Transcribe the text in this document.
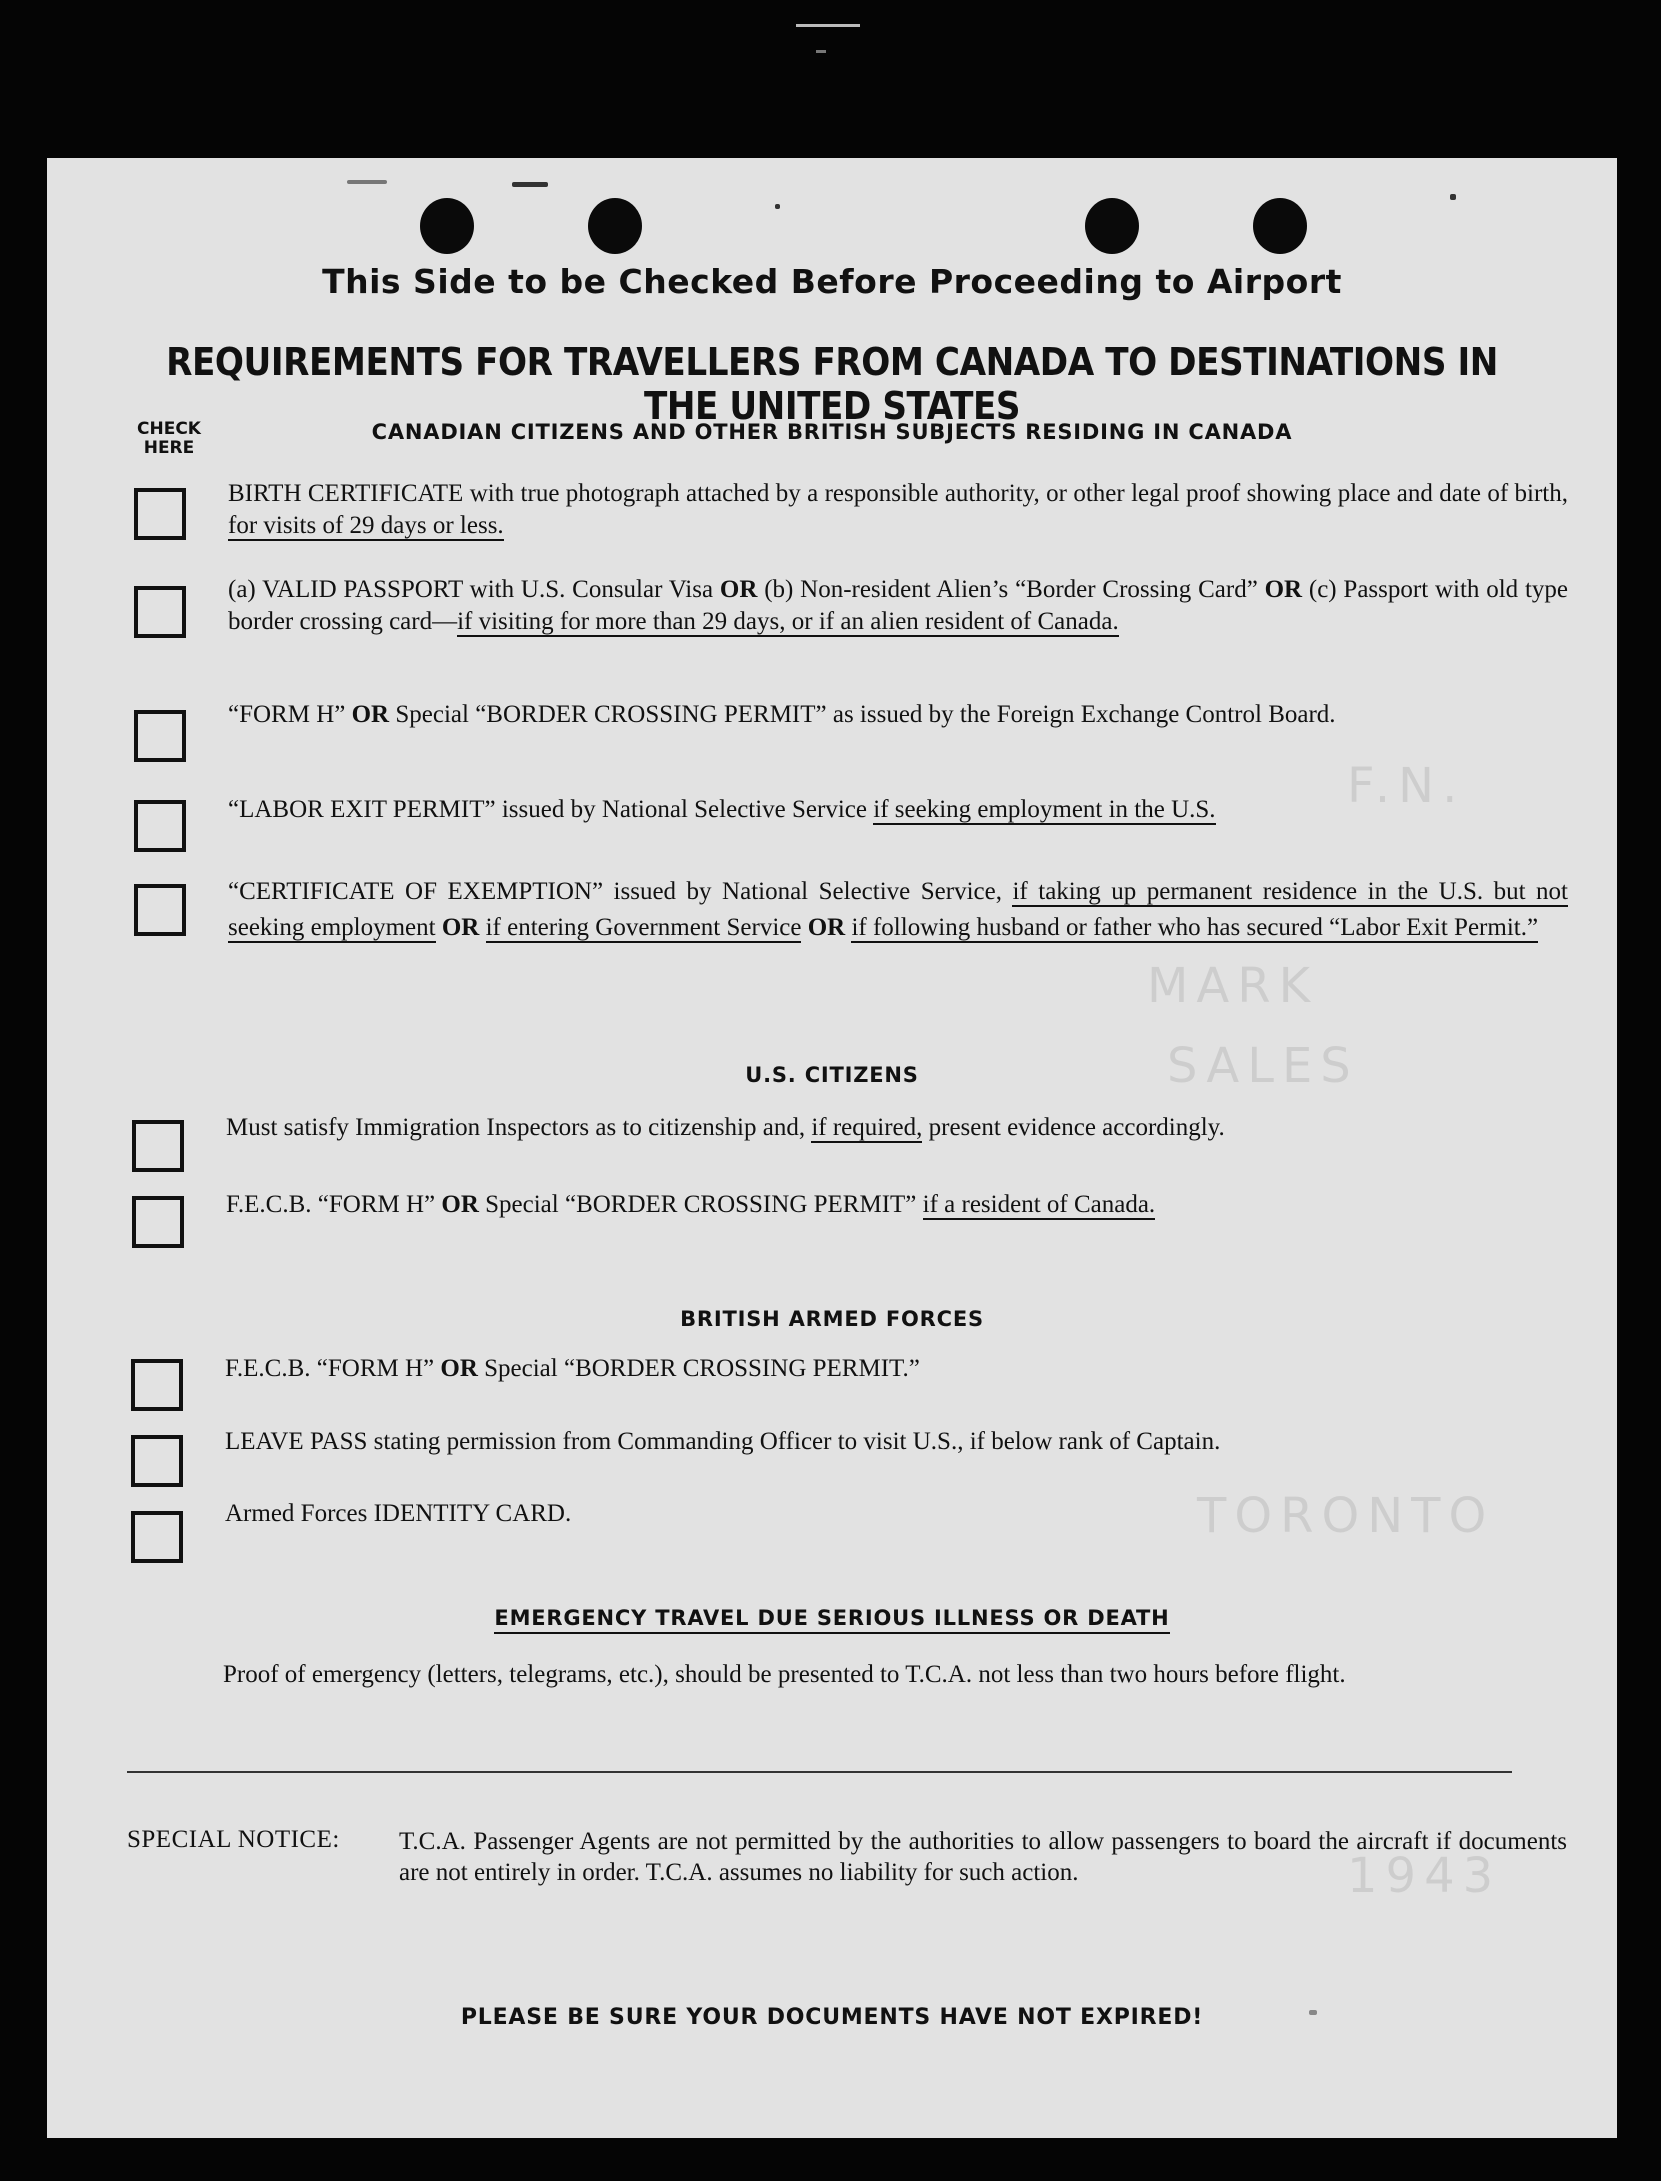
F.N.
MARK
SALES
TORONTO
1943
This Side to be Checked Before Proceeding to Airport
REQUIREMENTS FOR TRAVELLERS FROM CANADA TO DESTINATIONS IN THE UNITED STATES
CHECK HERE
CANADIAN CITIZENS AND OTHER BRITISH SUBJECTS RESIDING IN CANADA
BIRTH CERTIFICATE with true photograph attached by a responsible authority, or other legal proof showing place and date of birth, for visits of 29 days or less.
(a) VALID PASSPORT with U.S. Consular Visa OR (b) Non-resident Alien’s “Border Crossing Card” OR (c) Passport with old type border crossing card—if visiting for more than 29 days, or if an alien resident of Canada.
“FORM H” OR Special “BORDER CROSSING PERMIT” as issued by the Foreign Exchange Control Board.
“LABOR EXIT PERMIT” issued by National Selective Service if seeking employment in the U.S.
“CERTIFICATE OF EXEMPTION” issued by National Selective Service, if taking up permanent residence in the U.S. but not seeking employment OR if entering Government Service OR if following husband or father who has secured “Labor Exit Permit.”
U.S. CITIZENS
Must satisfy Immigration Inspectors as to citizenship and, if required, present evidence accordingly.
F.E.C.B. “FORM H” OR Special “BORDER CROSSING PERMIT” if a resident of Canada.
BRITISH ARMED FORCES
F.E.C.B. “FORM H” OR Special “BORDER CROSSING PERMIT.”
LEAVE PASS stating permission from Commanding Officer to visit U.S., if below rank of Captain.
Armed Forces IDENTITY CARD.
EMERGENCY TRAVEL DUE SERIOUS ILLNESS OR DEATH
Proof of emergency (letters, telegrams, etc.), should be presented to T.C.A. not less than two hours before flight.
SPECIAL NOTICE: T.C.A. Passenger Agents are not permitted by the authorities to allow passengers to board the aircraft if documents are not entirely in order. T.C.A. assumes no liability for such action.
PLEASE BE SURE YOUR DOCUMENTS HAVE NOT EXPIRED!
